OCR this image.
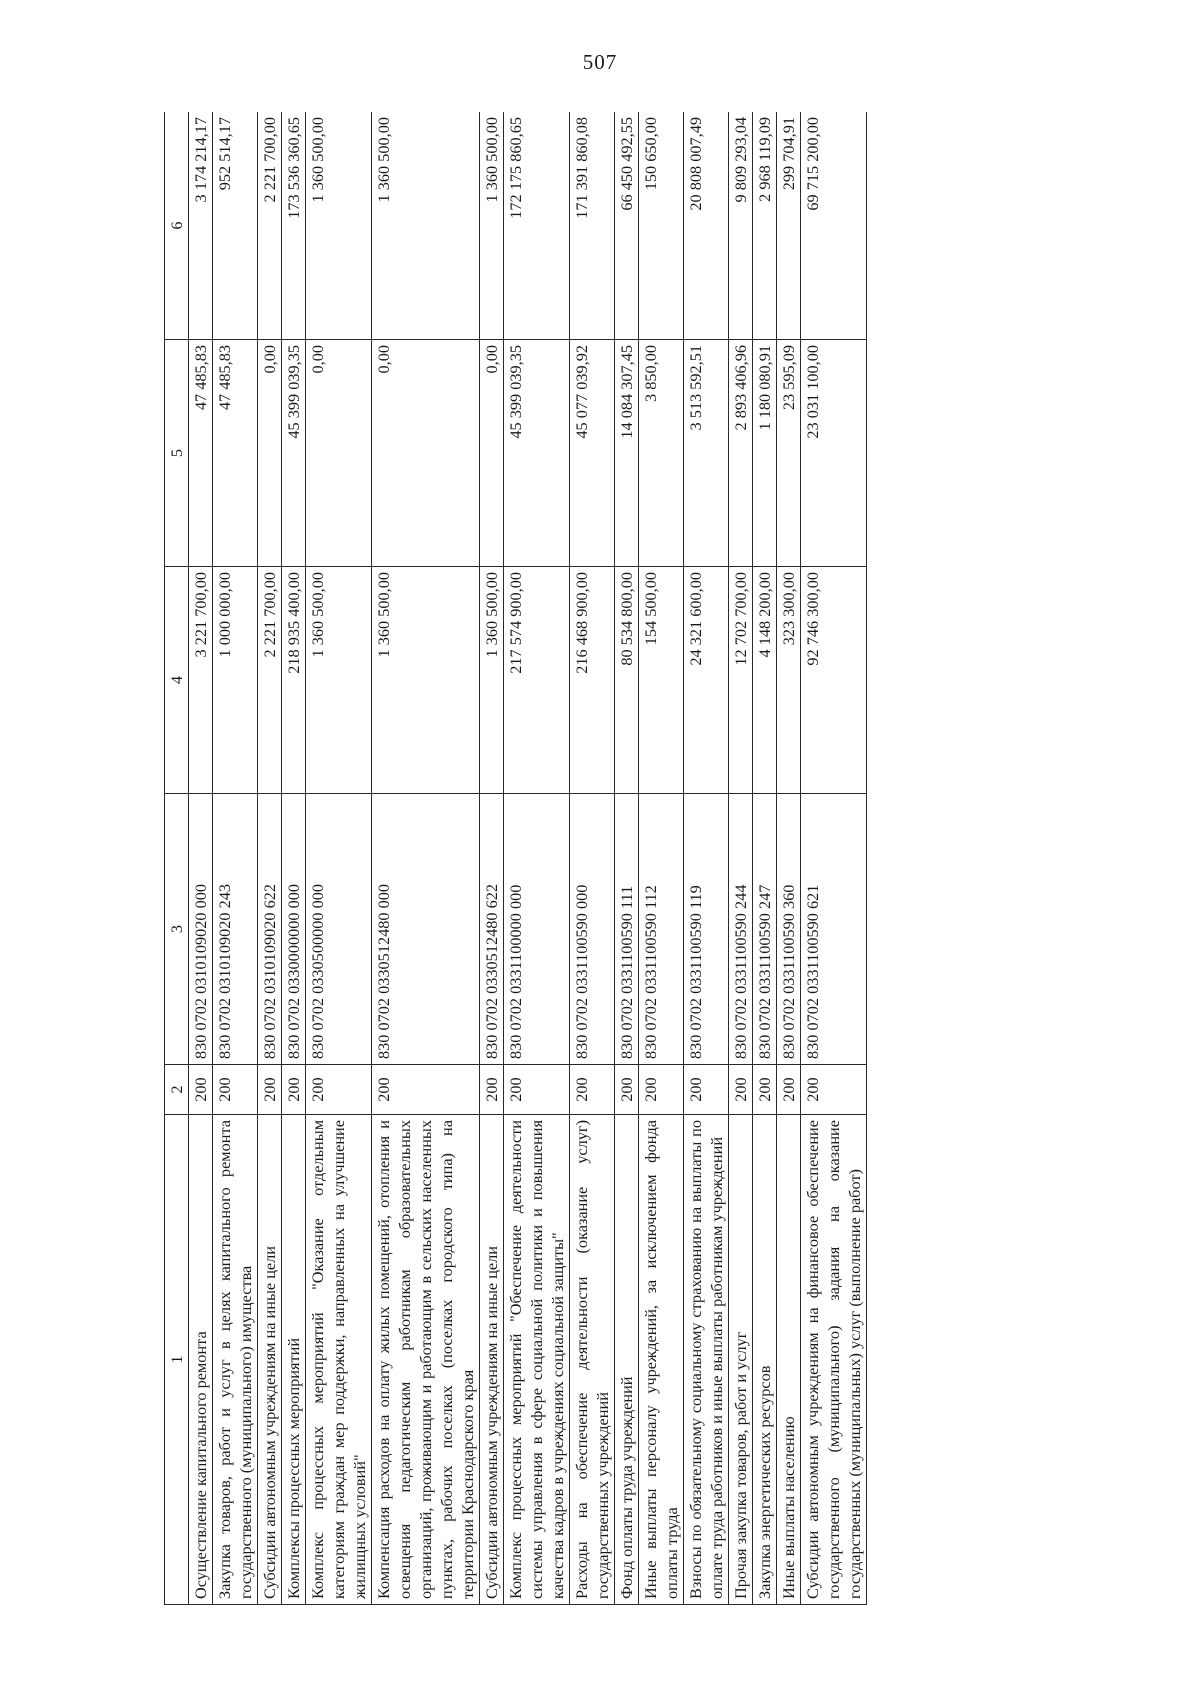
507
1	2	3	4	5	6
Осуществление капитального ремонта	200	830 0702 0310109020 000	3 221 700,00	47 485,83	3 174 214,17
Закупка товаров, работ и услуг в целях капитального ремонта государственного (муниципального) имущества	200	830 0702 0310109020 243	1 000 000,00	47 485,83	952 514,17
Субсидии автономным учреждениям на иные цели	200	830 0702 0310109020 622	2 221 700,00	0,00	2 221 700,00
Комплексы процессных мероприятий	200	830 0702 0330000000 000	218 935 400,00	45 399 039,35	173 536 360,65
Комплекс процессных мероприятий "Оказание отдельным категориям граждан мер поддержки, направленных на улучшение жилищных условий"	200	830 0702 0330500000 000	1 360 500,00	0,00	1 360 500,00
Компенсация расходов на оплату жилых помещений, отопления и освещения педагогическим работникам образовательных организаций, проживающим и работающим в сельских населенных пунктах, рабочих поселках (поселках городского типа) на территории Краснодарского края	200	830 0702 0330512480 000	1 360 500,00	0,00	1 360 500,00
Субсидии автономным учреждениям на иные цели	200	830 0702 0330512480 622	1 360 500,00	0,00	1 360 500,00
Комплекс процессных мероприятий "Обеспечение деятельности системы управления в сфере социальной политики и повышения качества кадров в учреждениях социальной защиты"	200	830 0702 0331100000 000	217 574 900,00	45 399 039,35	172 175 860,65
Расходы на обеспечение деятельности (оказание услуг) государственных учреждений	200	830 0702 0331100590 000	216 468 900,00	45 077 039,92	171 391 860,08
Фонд оплаты труда учреждений	200	830 0702 0331100590 111	80 534 800,00	14 084 307,45	66 450 492,55
Иные выплаты персоналу учреждений, за исключением фонда оплаты труда	200	830 0702 0331100590 112	154 500,00	3 850,00	150 650,00
Взносы по обязательному социальному страхованию на выплаты по оплате труда работников и иные выплаты работникам учреждений	200	830 0702 0331100590 119	24 321 600,00	3 513 592,51	20 808 007,49
Прочая закупка товаров, работ и услуг	200	830 0702 0331100590 244	12 702 700,00	2 893 406,96	9 809 293,04
Закупка энергетических ресурсов	200	830 0702 0331100590 247	4 148 200,00	1 180 080,91	2 968 119,09
Иные выплаты населению	200	830 0702 0331100590 360	323 300,00	23 595,09	299 704,91
Субсидии автономным учреждениям на финансовое обеспечение государственного (муниципального) задания на оказание государственных (муниципальных) услуг (выполнение работ)	200	830 0702 0331100590 621	92 746 300,00	23 031 100,00	69 715 200,00
